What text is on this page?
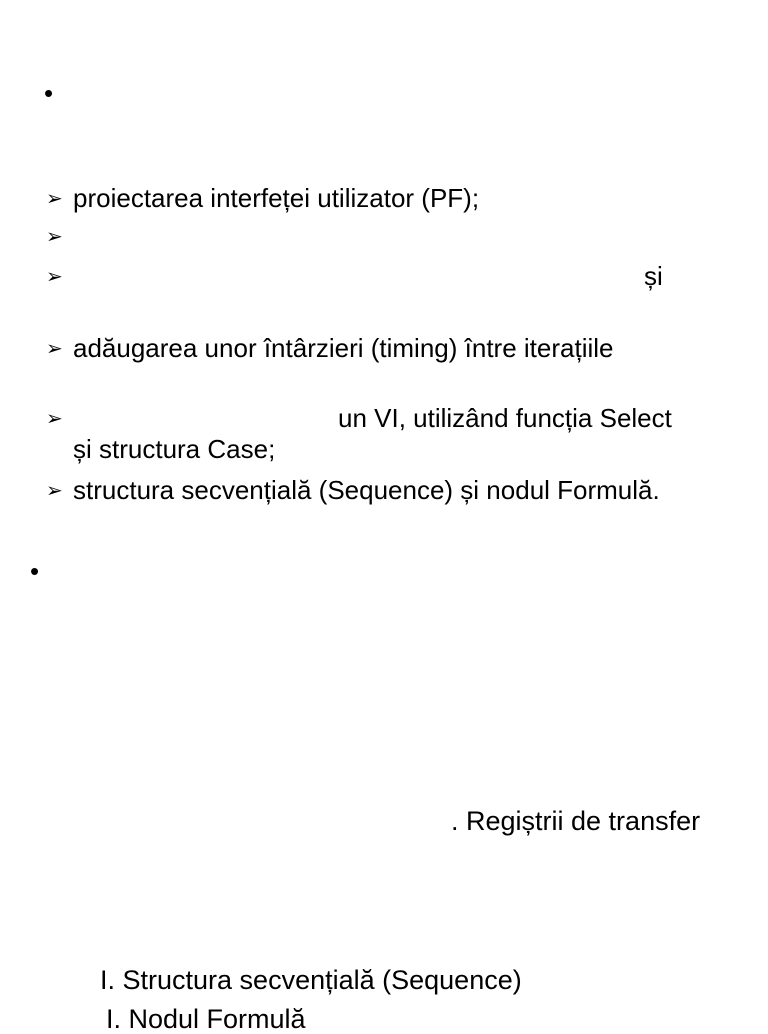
•
➢ proiectarea interfeței utilizator (PF);
➢
➢	și
➢ adăugarea unor întârzieri (timing) între iterațiile
➢	un VI, utilizând funcția Select
și structura Case;
➢ structura secvențială (Sequence) și nodul Formulă.
•
. Regiștrii de transfer
I. Structura secvențială (Sequence)
I. Nodul Formulă
